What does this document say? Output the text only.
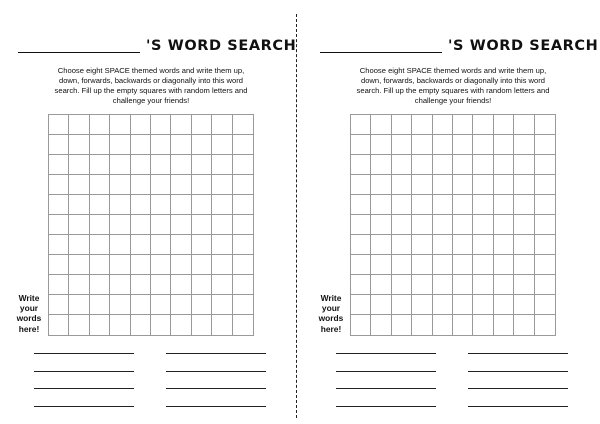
'S WORD SEARCH
Choose eight SPACE themed words and write them up,
down, forwards, backwards or diagonally into this word
search. Fill up the empty squares with random letters and
challenge your friends!
Write
your
words
here!
'S WORD SEARCH
Choose eight SPACE themed words and write them up,
down, forwards, backwards or diagonally into this word
search. Fill up the empty squares with random letters and
challenge your friends!
Write
your
words
here!
